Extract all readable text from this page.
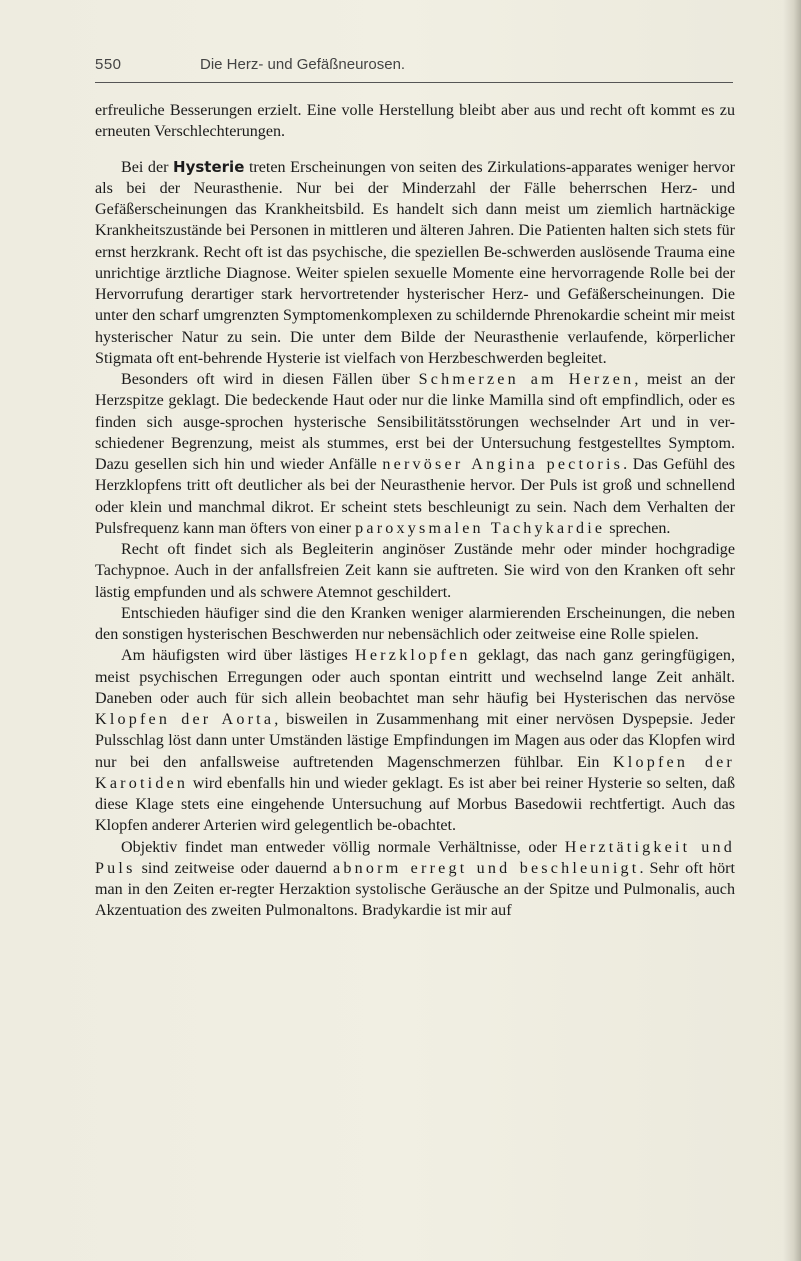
550	Die Herz- und Gefäßneurosen.

erfreuliche Besserungen erzielt. Eine volle Herstellung bleibt aber aus und recht oft kommt es zu erneuten Verschlechterungen.

Bei der Hysterie treten Erscheinungen von seiten des Zirkulations-apparates weniger hervor als bei der Neurasthenie. Nur bei der Minderzahl der Fälle beherrschen Herz- und Gefäßerscheinungen das Krankheitsbild. Es handelt sich dann meist um ziemlich hartnäckige Krankheitszustände bei Personen in mittleren und älteren Jahren. Die Patienten halten sich stets für ernst herzkrank. Recht oft ist das psychische, die speziellen Be-schwerden auslösende Trauma eine unrichtige ärztliche Diagnose. Weiter spielen sexuelle Momente eine hervorragende Rolle bei der Hervorrufung derartiger stark hervortretender hysterischer Herz- und Gefäßerscheinungen. Die unter den scharf umgrenzten Symptomenkomplexen zu schildernde Phrenokardie scheint mir meist hysterischer Natur zu sein. Die unter dem Bilde der Neurasthenie verlaufende, körperlicher Stigmata oft ent-behrende Hysterie ist vielfach von Herzbeschwerden begleitet.

Besonders oft wird in diesen Fällen über Schmerzen am Herzen, meist an der Herzspitze geklagt. Die bedeckende Haut oder nur die linke Mamilla sind oft empfindlich, oder es finden sich ausge-sprochen hysterische Sensibilitätsstörungen wechselnder Art und in ver-schiedener Begrenzung, meist als stummes, erst bei der Untersuchung festgestelltes Symptom. Dazu gesellen sich hin und wieder Anfälle nervöser Angina pectoris. Das Gefühl des Herzklopfens tritt oft deutlicher als bei der Neurasthenie hervor. Der Puls ist groß und schnellend oder klein und manchmal dikrot. Er scheint stets beschleunigt zu sein. Nach dem Verhalten der Pulsfrequenz kann man öfters von einer paroxysmalen Tachykardie sprechen.

Recht oft findet sich als Begleiterin anginöser Zustände mehr oder minder hochgradige Tachypnoe. Auch in der anfallsfreien Zeit kann sie auftreten. Sie wird von den Kranken oft sehr lästig empfunden und als schwere Atemnot geschildert.

Entschieden häufiger sind die den Kranken weniger alarmierenden Erscheinungen, die neben den sonstigen hysterischen Beschwerden nur nebensächlich oder zeitweise eine Rolle spielen.

Am häufigsten wird über lästiges Herzklopfen geklagt, das nach ganz geringfügigen, meist psychischen Erregungen oder auch spontan eintritt und wechselnd lange Zeit anhält. Daneben oder auch für sich allein beobachtet man sehr häufig bei Hysterischen das nervöse Klopfen der Aorta, bisweilen in Zusammenhang mit einer nervösen Dyspepsie. Jeder Pulsschlag löst dann unter Umständen lästige Empfindungen im Magen aus oder das Klopfen wird nur bei den anfallsweise auftretenden Magenschmerzen fühlbar. Ein Klopfen der Karotiden wird ebenfalls hin und wieder geklagt. Es ist aber bei reiner Hysterie so selten, daß diese Klage stets eine eingehende Untersuchung auf Morbus Basedowii rechtfertigt. Auch das Klopfen anderer Arterien wird gelegentlich be-obachtet.

Objektiv findet man entweder völlig normale Verhältnisse, oder Herztätigkeit und Puls sind zeitweise oder dauernd abnorm erregt und beschleunigt. Sehr oft hört man in den Zeiten er-regter Herzaktion systolische Geräusche an der Spitze und Pulmonalis, auch Akzentuation des zweiten Pulmonaltons. Bradykardie ist mir auf
